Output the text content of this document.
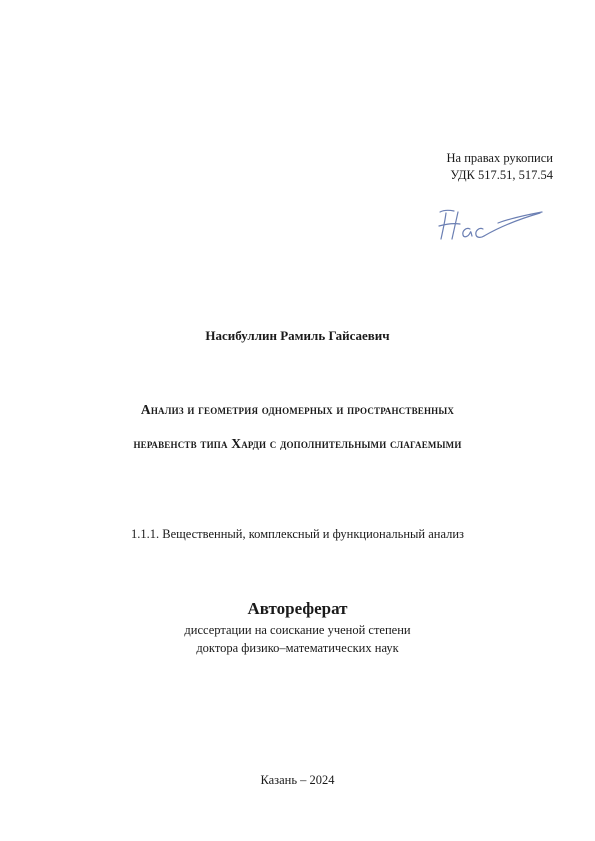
На правах рукописи
УДК 517.51, 517.54
Насибуллин Рамиль Гайсаевич
Анализ и геометрия одномерных и пространственных
неравенств типа Харди с дополнительными слагаемыми
1.1.1. Вещественный, комплексный и функциональный анализ
Автореферат
диссертации на соискание ученой степени
доктора физико–математических наук
Казань – 2024
